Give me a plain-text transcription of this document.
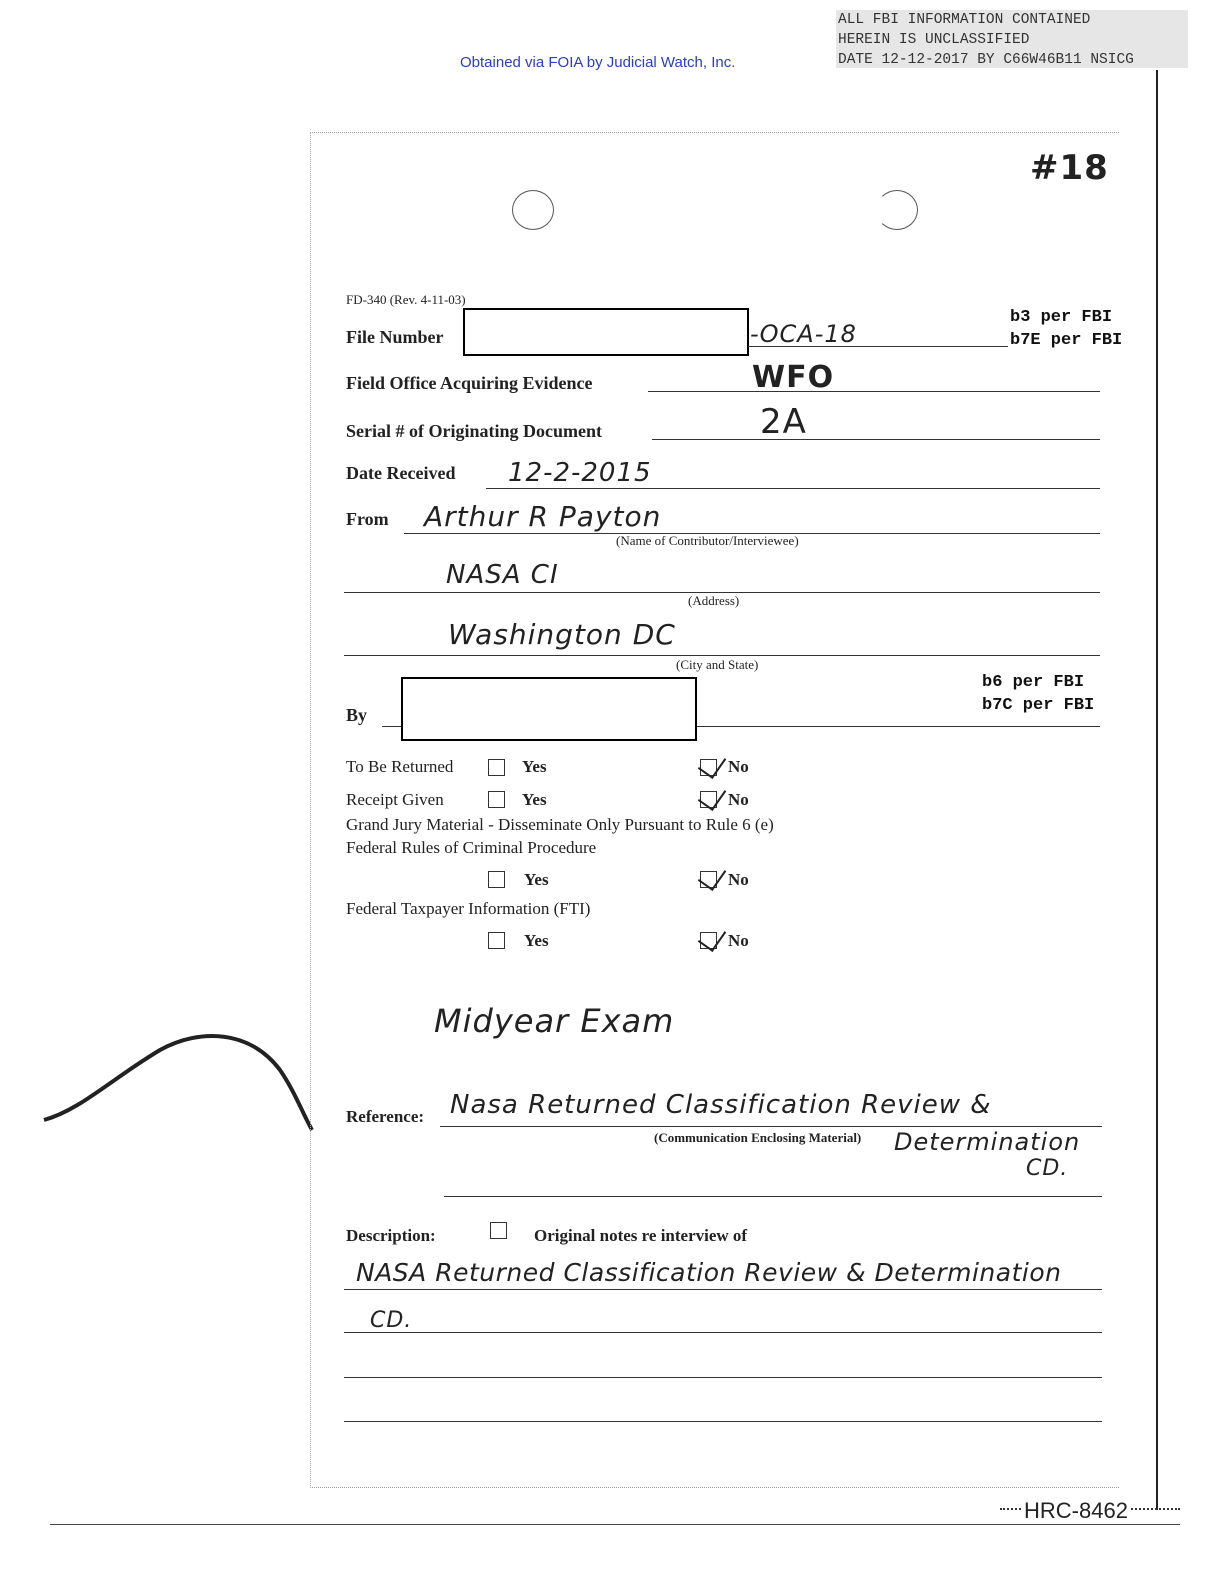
Obtained via FOIA by Judicial Watch, Inc.
ALL FBI INFORMATION CONTAINED
HEREIN IS UNCLASSIFIED
DATE 12-12-2017 BY C66W46B11 NSICG
#18
FD-340 (Rev. 4-11-03)
File Number	-OCA-18
b3 per FBI
b7E per FBI
Field Office Acquiring Evidence	WFO
Serial # of Originating Document	2A
Date Received 12-2-2015
From Arthur R Payton
(Name of Contributor/Interviewee)
NASA CI
(Address)
Washington DC
(City and State)
By
b6 per FBI
b7C per FBI
To Be Returned	Yes	No
Receipt Given	Yes	No
Grand Jury Material - Disseminate Only Pursuant to Rule 6 (e)
Federal Rules of Criminal Procedure
Yes	No
Federal Taxpayer Information (FTI)
Yes	No
Midyear Exam
Reference: Nasa Returned Classification Review &
(Communication Enclosing Material) Determination
CD.
Description:	Original notes re interview of
NASA Returned Classification Review & Determination
CD.
HRC-8462
